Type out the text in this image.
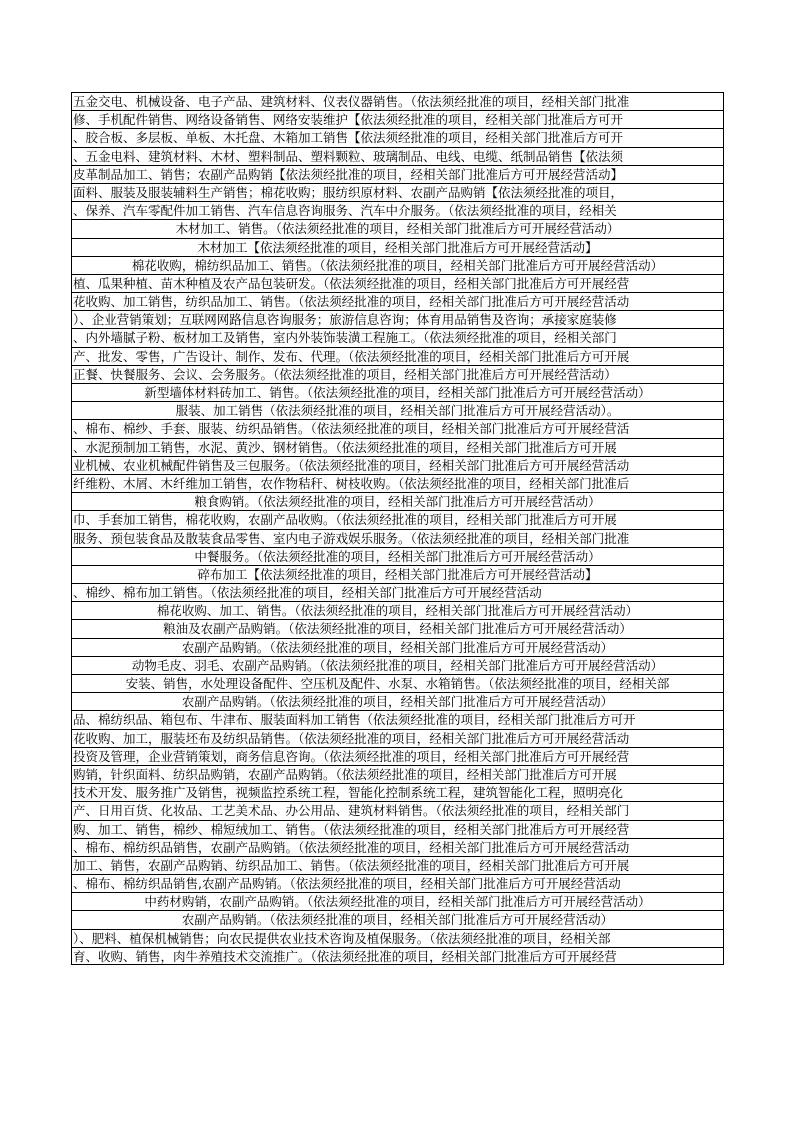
五金交电、机械设备、电子产品、建筑材料、仪表仪器销售。（依法须经批准的项目，经相关部门批准
修、手机配件销售、网络设备销售、网络安装维护【依法须经批准的项目，经相关部门批准后方可开
、胶合板、多层板、单板、木托盘、木箱加工销售【依法须经批准的项目，经相关部门批准后方可开
、五金电料、建筑材料、木材、塑料制品、塑料颗粒、玻璃制品、电线、电缆、纸制品销售【依法须
皮革制品加工、销售；农副产品购销【依法须经批准的项目，经相关部门批准后方可开展经营活动】
面料、服装及服装辅料生产销售；棉花收购；服纺织原材料、农副产品购销【依法须经批准的项目，
、保养、汽车零配件加工销售、汽车信息咨询服务、汽车中介服务。（依法须经批准的项目，经相关
木材加工、销售。（依法须经批准的项目，经相关部门批准后方可开展经营活动）
木材加工【依法须经批准的项目，经相关部门批准后方可开展经营活动】
棉花收购，棉纺织品加工、销售。（依法须经批准的项目，经相关部门批准后方可开展经营活动）
植、瓜果种植、苗木种植及农产品包装研发。（依法须经批准的项目，经相关部门批准后方可开展经营
花收购、加工销售，纺织品加工、销售。（依法须经批准的项目，经相关部门批准后方可开展经营活动
）、企业营销策划；互联网网路信息咨询服务；旅游信息咨询；体育用品销售及咨询；承接家庭装修
、内外墙腻子粉、板材加工及销售，室内外装饰装潢工程施工。（依法须经批准的项目，经相关部门
产、批发、零售，广告设计、制作、发布、代理。（依法须经批准的项目，经相关部门批准后方可开展
正餐、快餐服务、会议、会务服务。（依法须经批准的项目，经相关部门批准后方可开展经营活动）
新型墙体材料砖加工、销售。（依法须经批准的项目，经相关部门批准后方可开展经营活动）
服装、加工销售（依法须经批准的项目，经相关部门批准后方可开展经营活动）。
、棉布、棉纱、手套、服装、纺织品销售。（依法须经批准的项目，经相关部门批准后方可开展经营活
、水泥预制加工销售，水泥、黄沙、钢材销售。（依法须经批准的项目，经相关部门批准后方可开展
业机械、农业机械配件销售及三包服务。（依法须经批准的项目，经相关部门批准后方可开展经营活动
纤维粉、木屑、木纤维加工销售，农作物秸秆、树枝收购。（依法须经批准的项目，经相关部门批准后
粮食购销。（依法须经批准的项目，经相关部门批准后方可开展经营活动）
巾、手套加工销售，棉花收购，农副产品收购。（依法须经批准的项目，经相关部门批准后方可开展
服务、预包装食品及散装食品零售、室内电子游戏娱乐服务。（依法须经批准的项目，经相关部门批准
中餐服务。（依法须经批准的项目，经相关部门批准后方可开展经营活动）
碎布加工【依法须经批准的项目，经相关部门批准后方可开展经营活动】
、棉纱、棉布加工销售。（依法须经批准的项目，经相关部门批准后方可开展经营活动
棉花收购、加工、销售。（依法须经批准的项目，经相关部门批准后方可开展经营活动）
粮油及农副产品购销。（依法须经批准的项目，经相关部门批准后方可开展经营活动）
农副产品购销。（依法须经批准的项目，经相关部门批准后方可开展经营活动）
动物毛皮、羽毛、农副产品购销。（依法须经批准的项目，经相关部门批准后方可开展经营活动）
安装、销售，水处理设备配件、空压机及配件、水泵、水箱销售。（依法须经批准的项目，经相关部
农副产品购销。（依法须经批准的项目，经相关部门批准后方可开展经营活动）
品、棉纺织品、箱包布、牛津布、服装面料加工销售（依法须经批准的项目，经相关部门批准后方可开
花收购、加工，服装坯布及纺织品销售。（依法须经批准的项目，经相关部门批准后方可开展经营活动
投资及管理，企业营销策划，商务信息咨询。（依法须经批准的项目，经相关部门批准后方可开展经营
购销，针织面料、纺织品购销，农副产品购销。（依法须经批准的项目，经相关部门批准后方可开展
技术开发、服务推广及销售，视频监控系统工程，智能化控制系统工程，建筑智能化工程，照明亮化
产、日用百货、化妆品、工艺美术品、办公用品、建筑材料销售。（依法须经批准的项目，经相关部门
购、加工、销售，棉纱、棉短绒加工、销售。（依法须经批准的项目，经相关部门批准后方可开展经营
、棉布、棉纺织品销售，农副产品购销。（依法须经批准的项目，经相关部门批准后方可开展经营活动
加工、销售，农副产品购销、纺织品加工、销售。（依法须经批准的项目，经相关部门批准后方可开展
、棉布、棉纺织品销售,农副产品购销。（依法须经批准的项目，经相关部门批准后方可开展经营活动
中药材购销，农副产品购销。（依法须经批准的项目，经相关部门批准后方可开展经营活动）
农副产品购销。（依法须经批准的项目，经相关部门批准后方可开展经营活动）
）、肥料、植保机械销售；向农民提供农业技术咨询及植保服务。（依法须经批准的项目，经相关部
育、收购、销售，肉牛养殖技术交流推广。（依法须经批准的项目，经相关部门批准后方可开展经营
